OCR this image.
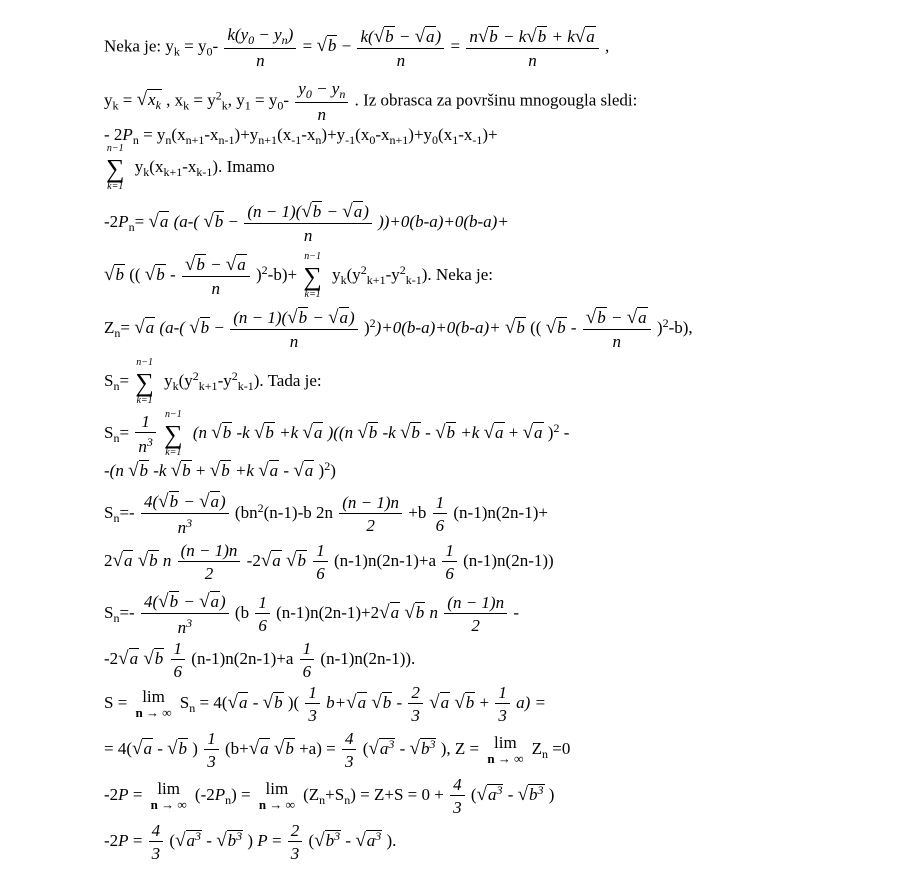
Neka je: $y_k = y_0- \frac{k(y_0 - y_n)}{n} = √b - \frac{k(√b - √a)}{n} = \frac{n√b - k√b + k√a}{n}$ ,
$y_k = √x_k$ , $x_k = y^2_k$, $y_1 = y_0- \frac{y_0 - y_n}{n}$ . Iz obrasca za površinu mnogougla sledi:
- $2P_n = y_n(x_{n+1}-x_{n-1})+y_{n+1}(x_{-1}-x_n)+y_{-1}(x_0-x_{n+1})+y_0(x_1-x_{-1})+$
n−1
∑
k=1
$y_k(x_{k+1}-x_{k-1})$. Imamo
$-2P_n= √a$ (a-( $√b - \frac{(n - 1)(√b - √a)}{n} ))+0(b-a)+0(b-a)+$
√b (( $√b - \frac{√b - √a}{n} )^2-b)+$
n−1
∑
k=1
$y_k(y^2_{k+1}-y^2_{k-1})$. Neka je:
$Z_n= √a$ (a-( $√b - \frac{(n - 1)(√b - √a)}{n} )^2)+0(b-a)+0(b-a)+ √b$ (( $√b - \frac{√b - √a}{n} )^2-b$),
$S_n=$
n−1
∑
k=1
$y_k(y^2_{k+1}-y^2_{k-1})$. Tada je:
$S_n= \frac{1}{n^3}$
n−1
∑
k=1
(n √b -k √b +k √a )((n √b -k √b - √b +k √a + √a )$^2$ -
-(n √b -k √b + √b +k √a - √a )$^2$)
$S_n=- \frac{4(√b - √a)}{n^3} (bn^2(n-1)-b$ $2n \frac{(n - 1)n}{2} +b \frac{1}{6} (n-1)n(2n-1)+$
2√a √b n $\frac{(n - 1)n}{2} -2√a$ $√b \frac{1}{6} (n-1)n(2n-1)+a \frac{1}{6} (n-1)n(2n-1)$)
$S_n=- \frac{4(√b - √a)}{n^3} (b \frac{1}{6} (n-1)n(2n-1)+2√a$ √b n $\frac{(n - 1)n}{2}$ -
-2√a $√b \frac{1}{6} (n-1)n(2n-1)+a \frac{1}{6} (n-1)n(2n-1)$).
S = lim
n → ∞
$S_n = 4(√a - √b$ )( $\frac{1}{3} b+√a$ $√b - \frac{2}{3} √a$ $√b + \frac{1}{3} a$) =
= 4(√a - √b ) $\frac{1}{3} (b+√a$ $√b +a) = \frac{4}{3} (√a^3 - √b^3$ ), Z = lim
n → ∞
$Z_n =0$
-2P = lim
n → ∞
$(-2P_n) = \lim$
n → ∞
$(Z_n+S_n) = Z+S = 0 + \frac{4}{3} (√a^3 - √b^3$ )
$-2P = \frac{4}{3} (√a^3 - √b^3$ ) $P = \frac{2}{3} (√b^3 - √a^3$ ).
